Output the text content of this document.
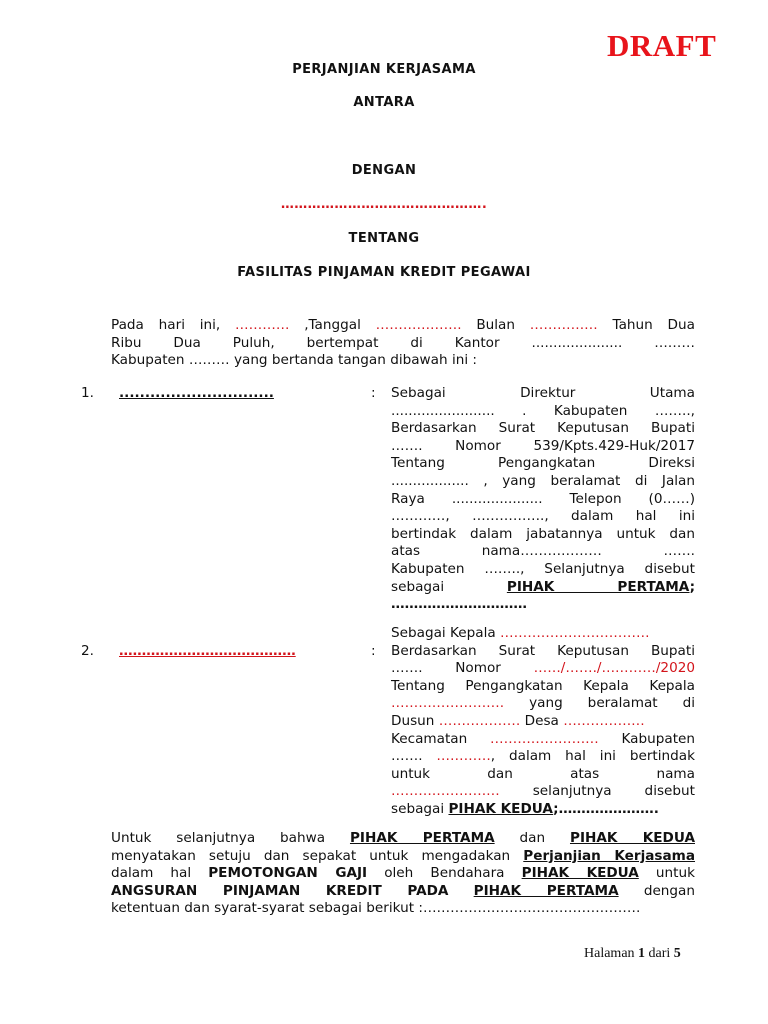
DRAFT
PERJANJIAN KERJASAMA
ANTARA
DENGAN
……………………………………….
TENTANG
FASILITAS PINJAMAN KREDIT PEGAWAI
Pada hari ini, ………… ,Tanggal ………………. Bulan …………… Tahun Dua
Ribu Dua Puluh, bertempat di Kantor ..................... ………
Kabupaten ……… yang bertanda tangan dibawah ini :
1. ..............................	: Sebagai Direktur Utama
........................ . Kabupaten ……..,
Berdasarkan Surat Keputusan Bupati
……. Nomor 539/Kpts.429-Huk/2017
Tentang Pengangkatan Direksi
.................. , yang beralamat di Jalan
Raya ..................... Telepon (0……)
…………, ……………., dalam hal ini
bertindak dalam jabatannya untuk dan
atas nama……………… …….
Kabupaten …….., Selanjutnya disebut
sebagai	PIHAK PERTAMA;
…………………………
2. …………………………………	:
Sebagai Kepala ……………………………
Berdasarkan Surat Keputusan Bupati
……. Nomor ……/……./…………/2020
Tentang Pengangkatan Kepala Kepala
……………………. yang beralamat di
Dusun ……………… Desa ………………
Kecamatan …………………… Kabupaten
……. …………, dalam hal ini bertindak
untuk dan atas nama
…………………… selanjutnya disebut
sebagai PIHAK KEDUA;………………….
Untuk selanjutnya bahwa PIHAK PERTAMA dan PIHAK KEDUA
menyatakan setuju dan sepakat untuk mengadakan Perjanjian Kerjasama
dalam hal PEMOTONGAN GAJI oleh Bendahara PIHAK KEDUA untuk
ANGSURAN PINJAMAN KREDIT PADA PIHAK PERTAMA dengan
ketentuan dan syarat-syarat sebagai berikut :…………………………………………
Halaman 1 dari 5
